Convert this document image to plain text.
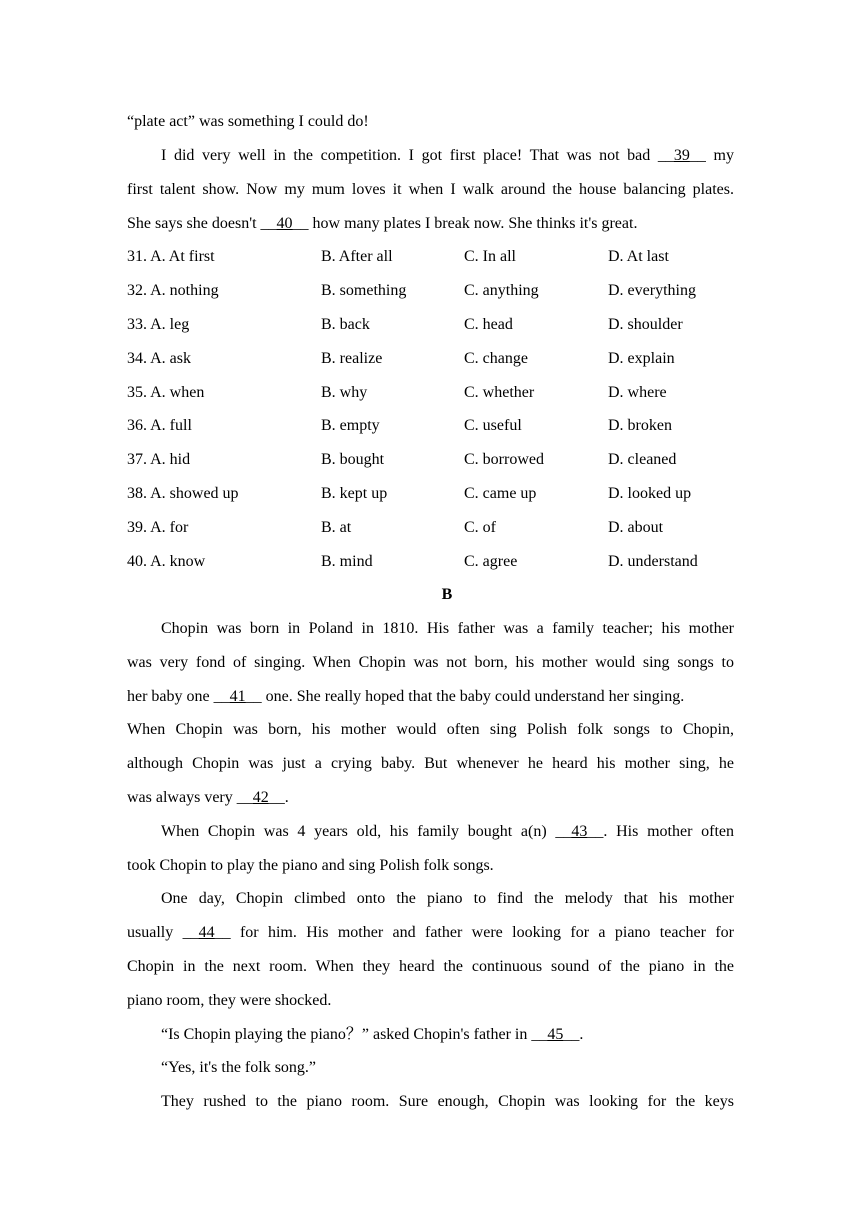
“plate act” was something I could do!
I did very well in the competition. I got first place! That was not bad __39__ my
first talent show. Now my mum loves it when I walk around the house balancing plates.
She says she doesn't __40__ how many plates I break now. She thinks it's great.
31. A. At first	B. After all	C. In all	D. At last
32. A. nothing	B. something	C. anything	D. everything
33. A. leg	B. back	C. head	D. shoulder
34. A. ask	B. realize	C. change	D. explain
35. A. when	B. why	C. whether	D. where
36. A. full	B. empty	C. useful	D. broken
37. A. hid	B. bought	C. borrowed	D. cleaned
38. A. showed up	B. kept up	C. came up	D. looked up
39. A. for	B. at	C. of	D. about
40. A. know	B. mind	C. agree	D. understand
B
Chopin was born in Poland in 1810. His father was a family teacher; his mother
was very fond of singing. When Chopin was not born, his mother would sing songs to
her baby one __41__ one. She really hoped that the baby could understand her singing.
When Chopin was born, his mother would often sing Polish folk songs to Chopin,
although Chopin was just a crying baby. But whenever he heard his mother sing, he
was always very __42__.
When Chopin was 4 years old, his family bought a(n) __43__. His mother often
took Chopin to play the piano and sing Polish folk songs.
One day, Chopin climbed onto the piano to find the melody that his mother
usually __44__ for him. His mother and father were looking for a piano teacher for
Chopin in the next room. When they heard the continuous sound of the piano in the
piano room, they were shocked.
“Is Chopin playing the piano？” asked Chopin's father in __45__.
“Yes, it's the folk song.”
They rushed to the piano room. Sure enough, Chopin was looking for the keys
